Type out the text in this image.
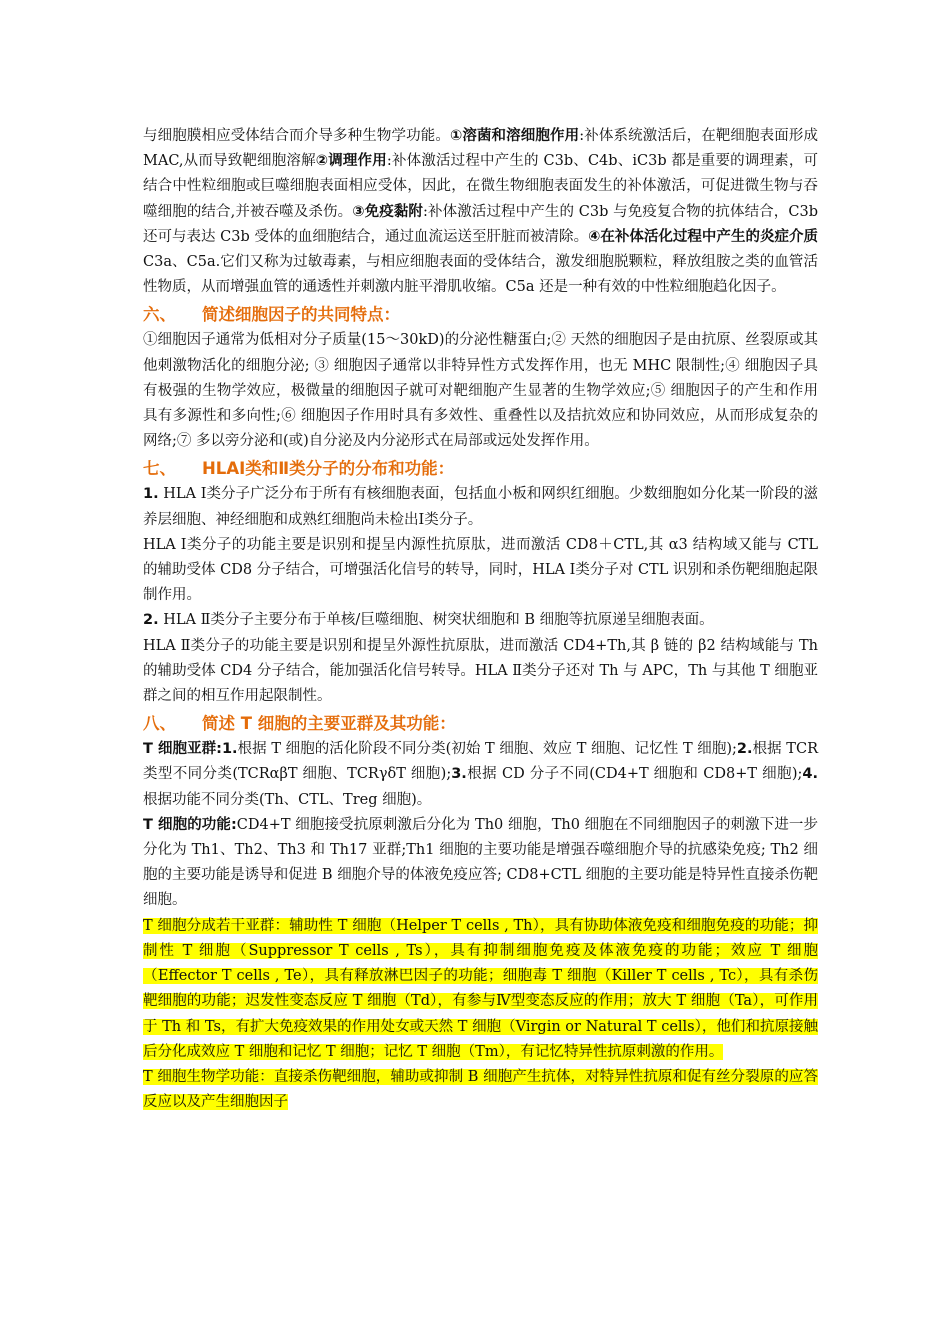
与细胞膜相应受体结合而介导多种生物学功能。①溶菌和溶细胞作用:补体系统激活后，在靶细胞表面形成 MAC,从而导致靶细胞溶解②调理作用:补体激活过程中产生的 C3b、C4b、iC3b 都是重要的调理素，可结合中性粒细胞或巨噬细胞表面相应受体，因此，在微生物细胞表面发生的补体激活，可促进微生物与吞噬细胞的结合,并被吞噬及杀伤。③免疫黏附:补体激活过程中产生的 C3b 与免疫复合物的抗体结合，C3b 还可与表达 C3b 受体的血细胞结合，通过血流运送至肝脏而被清除。④在补体活化过程中产生的炎症介质C3a、C5a.它们又称为过敏毒素，与相应细胞表面的受体结合，激发细胞脱颗粒，释放组胺之类的血管活性物质，从而增强血管的通透性并刺激内脏平滑肌收缩。C5a 还是一种有效的中性粒细胞趋化因子。

六、 简述细胞因子的共同特点：

①细胞因子通常为低相对分子质量(15～30kD)的分泌性糖蛋白;② 天然的细胞因子是由抗原、丝裂原或其他刺激物活化的细胞分泌; ③ 细胞因子通常以非特异性方式发挥作用，也无 MHC 限制性;④ 细胞因子具有极强的生物学效应，极微量的细胞因子就可对靶细胞产生显著的生物学效应;⑤ 细胞因子的产生和作用具有多源性和多向性;⑥ 细胞因子作用时具有多效性、重叠性以及拮抗效应和协同效应，从而形成复杂的网络;⑦ 多以旁分泌和(或)自分泌及内分泌形式在局部或远处发挥作用。

七、 HLAⅠ类和Ⅱ类分子的分布和功能：

1. HLA Ⅰ类分子广泛分布于所有有核细胞表面，包括血小板和网织红细胞。少数细胞如分化某一阶段的滋养层细胞、神经细胞和成熟红细胞尚未检出Ⅰ类分子。

HLA Ⅰ类分子的功能主要是识别和提呈内源性抗原肽，进而激活 CD8＋CTL,其 α3 结构域又能与 CTL 的辅助受体 CD8 分子结合，可增强活化信号的转导，同时，HLA Ⅰ类分子对 CTL 识别和杀伤靶细胞起限制作用。

2. HLA Ⅱ类分子主要分布于单核/巨噬细胞、树突状细胞和 B 细胞等抗原递呈细胞表面。

HLA Ⅱ类分子的功能主要是识别和提呈外源性抗原肽，进而激活 CD4+Th,其 β 链的 β2 结构域能与 Th 的辅助受体 CD4 分子结合，能加强活化信号转导。HLA Ⅱ类分子还对 Th 与 APC，Th 与其他 T 细胞亚群之间的相互作用起限制性。

八、 简述 T 细胞的主要亚群及其功能：

T 细胞亚群:1.根据 T 细胞的活化阶段不同分类(初始 T 细胞、效应 T 细胞、记忆性 T 细胞);2.根据 TCR 类型不同分类(TCRαβT 细胞、TCRγδT 细胞);3.根据 CD 分子不同(CD4+T 细胞和 CD8+T 细胞);4.根据功能不同分类(Th、CTL、Treg 细胞)。

T 细胞的功能:CD4+T 细胞接受抗原刺激后分化为 Th0 细胞，Th0 细胞在不同细胞因子的刺激下进一步分化为 Th1、Th2、Th3 和 Th17 亚群;Th1 细胞的主要功能是增强吞噬细胞介导的抗感染免疫; Th2 细胞的主要功能是诱导和促进 B 细胞介导的体液免疫应答; CD8+CTL 细胞的主要功能是特异性直接杀伤靶细胞。

T 细胞分成若干亚群：辅助性 T 细胞（Helper T cells , Th），具有协助体液免疫和细胞免疫的功能；抑制性 T 细胞（Suppressor T cells , Ts），具有抑制细胞免疫及体液免疫的功能；效应 T 细胞（Effector T cells , Te），具有释放淋巴因子的功能；细胞毒 T 细胞（Killer T cells , Tc），具有杀伤靶细胞的功能；迟发性变态反应 T 细胞（Td），有参与Ⅳ型变态反应的作用；放大 T 细胞（Ta），可作用于 Th 和 Ts，有扩大免疫效果的作用处女或天然 T 细胞（Virgin or Natural T cells），他们和抗原接触后分化成效应 T 细胞和记忆 T 细胞；记忆 T 细胞（Tm），有记忆特异性抗原刺激的作用。

T 细胞生物学功能：直接杀伤靶细胞，辅助或抑制 B 细胞产生抗体，对特异性抗原和促有丝分裂原的应答反应以及产生细胞因子
